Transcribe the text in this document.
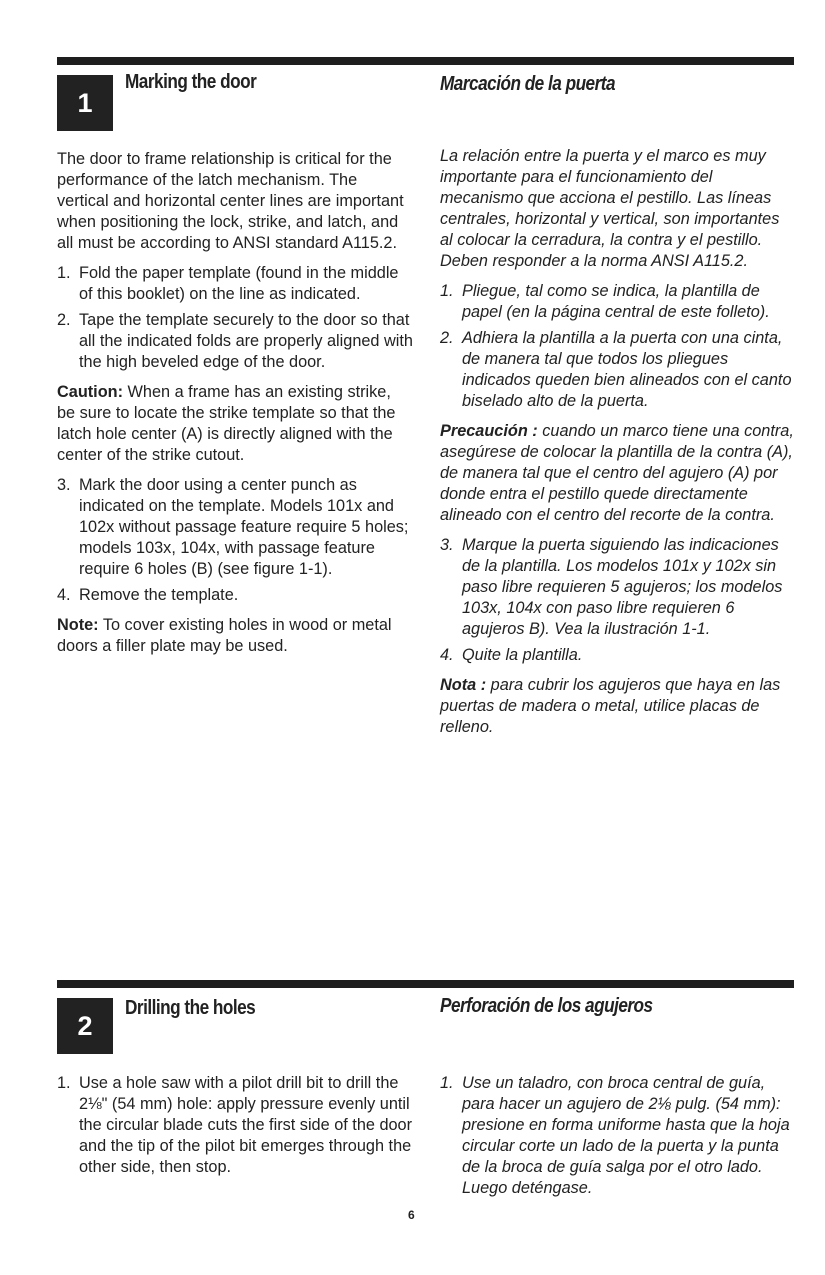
1
Marking the door	Marcación de la puerta

The door to frame relationship is critical for the performance of the latch mechanism. The vertical and horizontal center lines are important when positioning the lock, strike, and latch, and all must be according to ANSI standard A115.2.

1. Fold the paper template (found in the middle of this booklet) on the line as indicated.
2. Tape the template securely to the door so that all the indicated folds are properly aligned with the high beveled edge of the door.

Caution: When a frame has an existing strike, be sure to locate the strike template so that the latch hole center (A) is directly aligned with the center of the strike cutout.

3. Mark the door using a center punch as indicated on the template. Models 101x and 102x without passage feature require 5 holes; models 103x, 104x, with passage feature require 6 holes (B) (see figure 1-1).
4. Remove the template.

Note: To cover existing holes in wood or metal doors a filler plate may be used.

La relación entre la puerta y el marco es muy importante para el funcionamiento del mecanismo que acciona el pestillo. Las líneas centrales, horizontal y vertical, son importantes al colocar la cerradura, la contra y el pestillo. Deben responder a la norma ANSI A115.2.

1. Pliegue, tal como se indica, la plantilla de papel (en la página central de este folleto).
2. Adhiera la plantilla a la puerta con una cinta, de manera tal que todos los pliegues indicados queden bien alineados con el canto biselado alto de la puerta.

Precaución : cuando un marco tiene una contra, asegúrese de colocar la plantilla de la contra (A), de manera tal que el centro del agujero (A) por donde entra el pestillo quede directamente alineado con el centro del recorte de la contra.

3. Marque la puerta siguiendo las indicaciones de la plantilla. Los modelos 101x y 102x sin paso libre requieren 5 agujeros; los modelos 103x, 104x con paso libre requieren 6 agujeros B). Vea la ilustración 1-1.
4. Quite la plantilla.

Nota : para cubrir los agujeros que haya en las puertas de madera o metal, utilice placas de relleno.

2
Drilling the holes	Perforación de los agujeros
1. Use a hole saw with a pilot drill bit to drill the 2⅛" (54 mm) hole: apply pressure evenly until the circular blade cuts the first side of the door and the tip of the pilot bit emerges through the other side, then stop.
1. Use un taladro, con broca central de guía, para hacer un agujero de 2⅛ pulg. (54 mm): presione en forma uniforme hasta que la hoja circular corte un lado de la puerta y la punta de la broca de guía salga por el otro lado. Luego deténgase.
6
